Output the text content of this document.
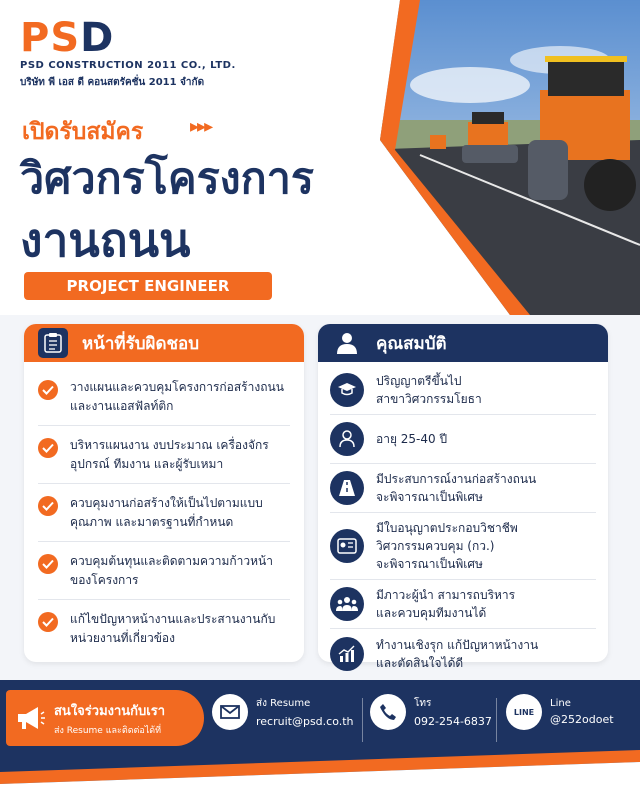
PSD
PSD CONSTRUCTION 2011 CO., LTD.
บริษัท พี เอส ดี คอนสตรัคชั่น 2011 จำกัด
เปิดรับสมัคร	▸▸▸
วิศวกรโครงการ
งานถนน
PROJECT ENGINEER
หน้าที่รับผิดชอบ
วางแผนและควบคุมโครงการก่อสร้างถนน
และงานแอสฟัลท์ติก
บริหารแผนงาน งบประมาณ เครื่องจักร
อุปกรณ์ ทีมงาน และผู้รับเหมา
ควบคุมงานก่อสร้างให้เป็นไปตามแบบ
คุณภาพ และมาตรฐานที่กำหนด
ควบคุมต้นทุนและติดตามความก้าวหน้า
ของโครงการ
แก้ไขปัญหาหน้างานและประสานงานกับ
หน่วยงานที่เกี่ยวข้อง
คุณสมบัติ
ปริญญาตรีขึ้นไป
สาขาวิศวกรรมโยธา
อายุ 25-40 ปี
มีประสบการณ์งานก่อสร้างถนน
จะพิจารณาเป็นพิเศษ
มีใบอนุญาตประกอบวิชาชีพ
วิศวกรรมควบคุม (กว.)
จะพิจารณาเป็นพิเศษ
มีภาวะผู้นำ สามารถบริหาร
และควบคุมทีมงานได้
ทำงานเชิงรุก แก้ปัญหาหน้างาน
และตัดสินใจได้ดี
สนใจร่วมงานกับเรา
ส่ง Resume และติดต่อได้ที่
ส่ง Resume
recruit@psd.co.th
โทร
092-254-6837
LINE
Line
@252odoet
